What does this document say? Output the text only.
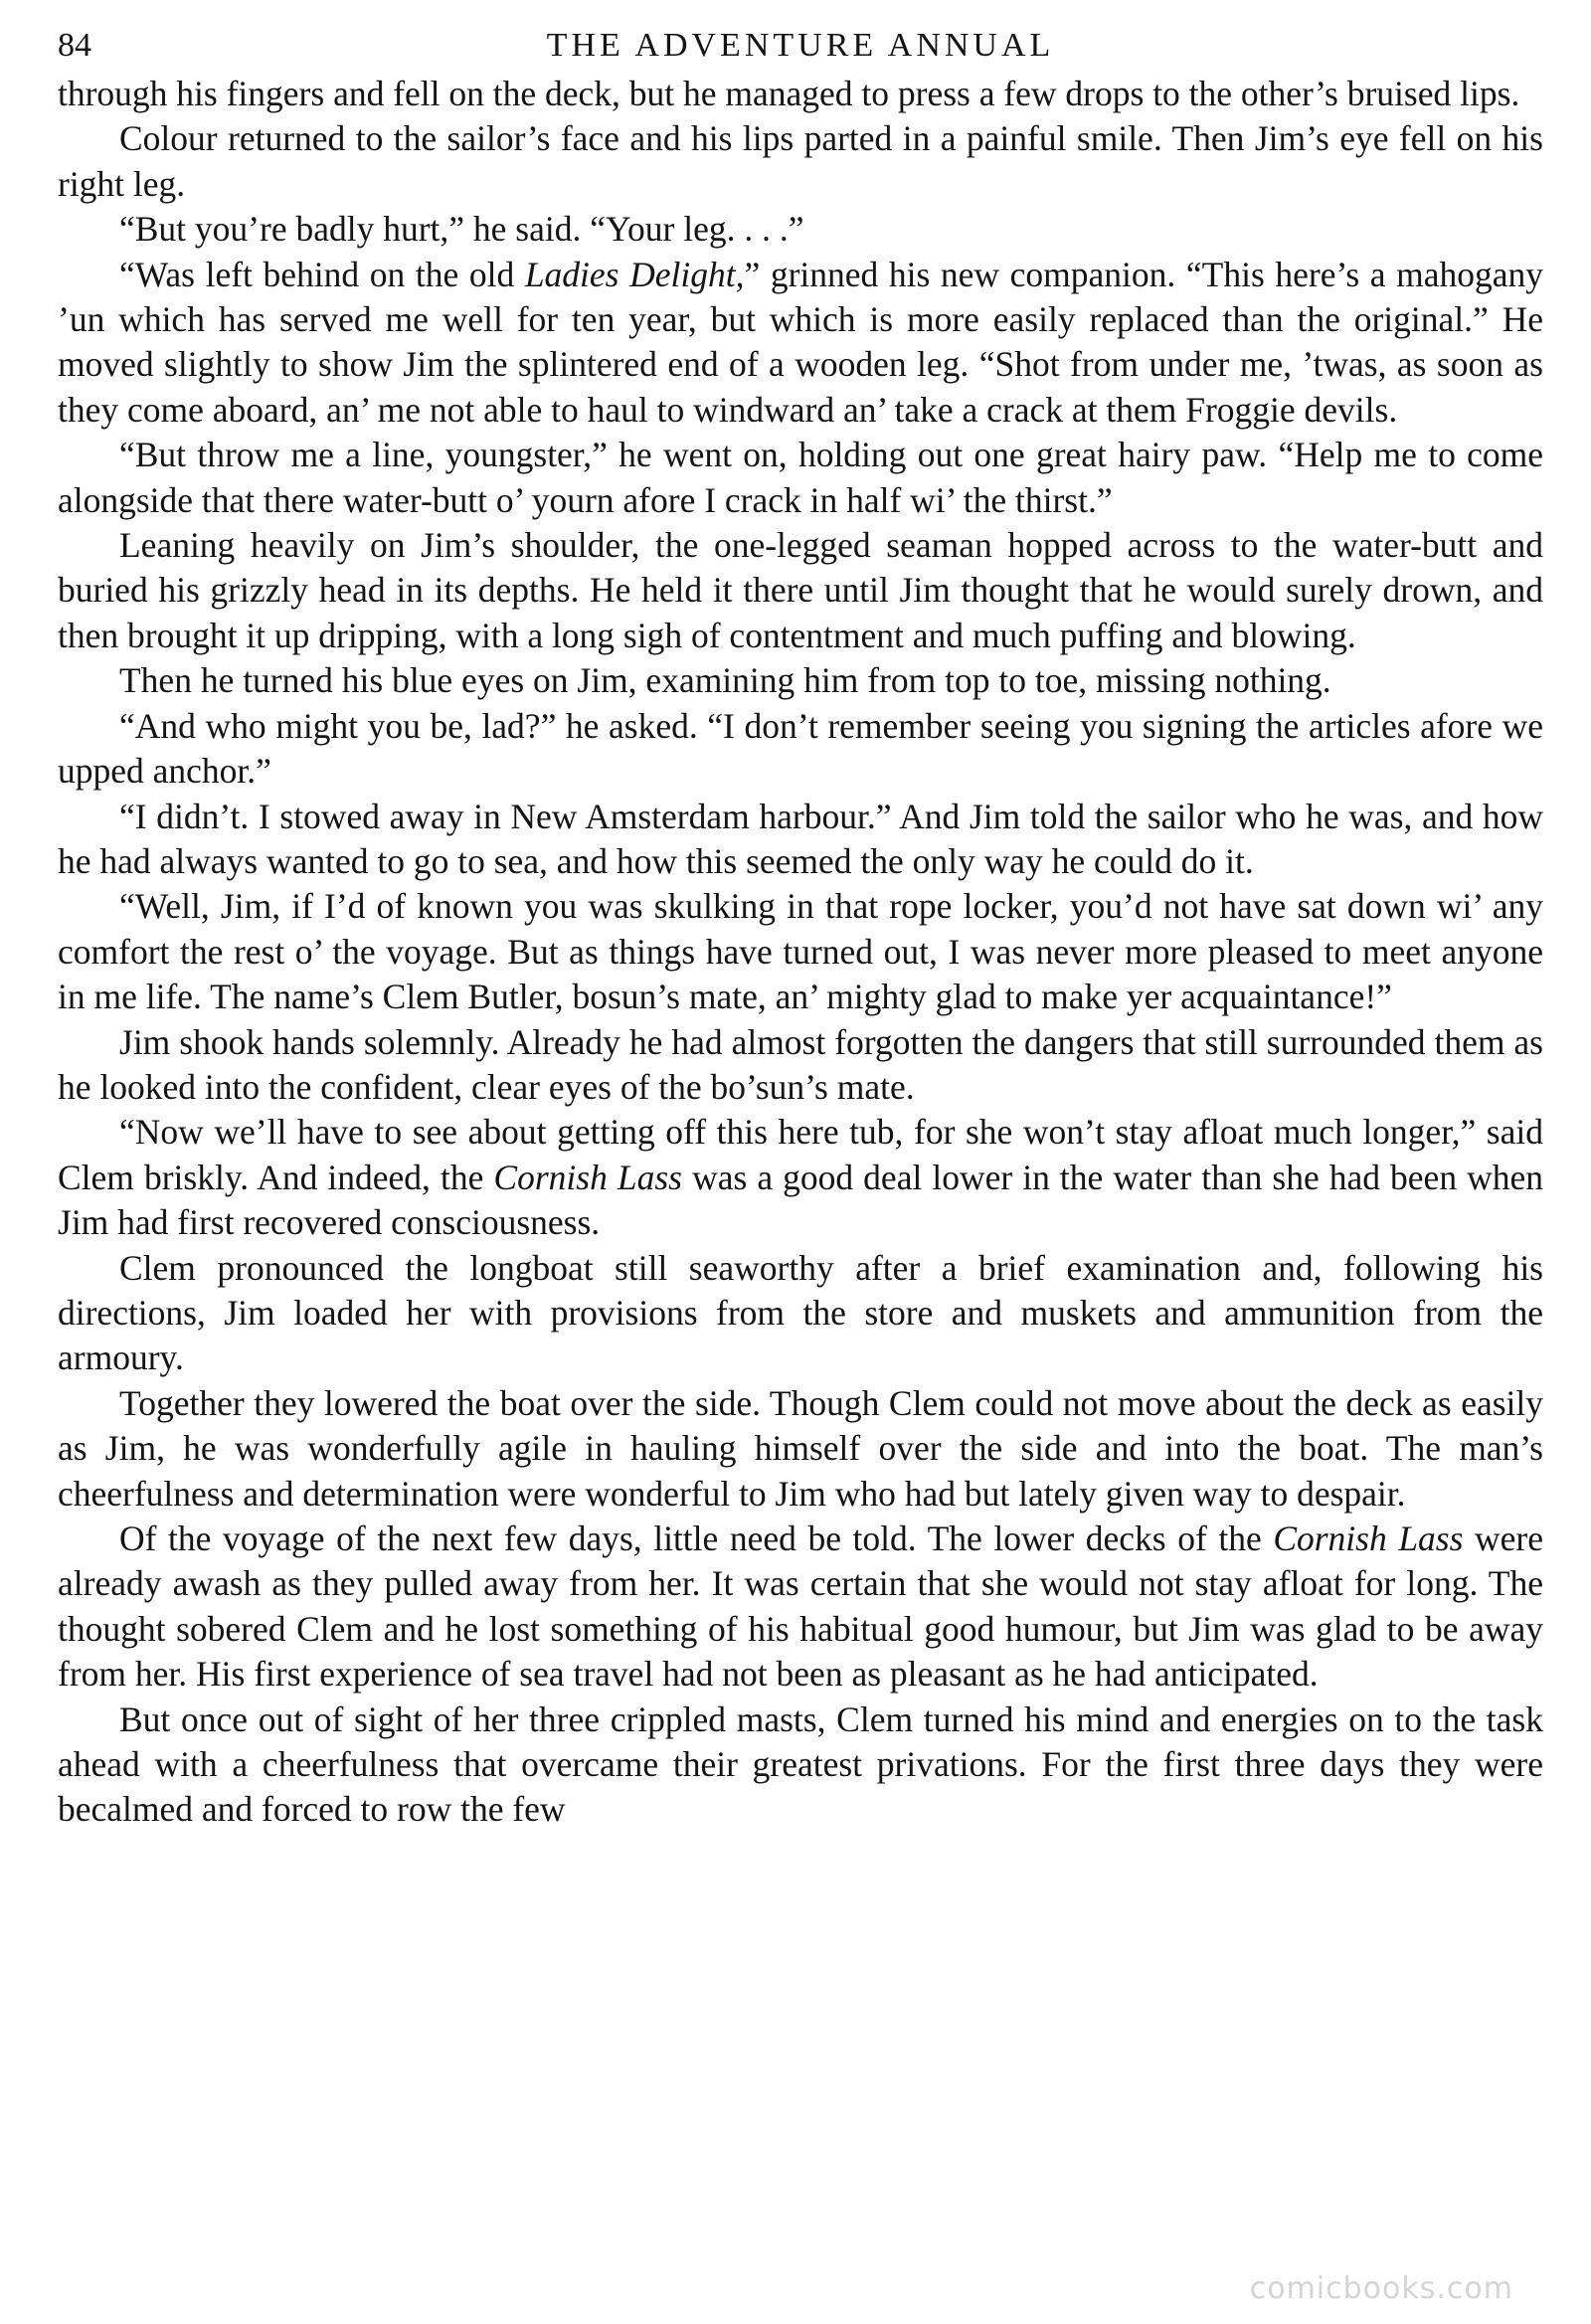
84	THE ADVENTURE ANNUAL

through his fingers and fell on the deck, but he managed to press a few drops to the other’s bruised lips.

Colour returned to the sailor’s face and his lips parted in a painful smile. Then Jim’s eye fell on his right leg.

“But you’re badly hurt,” he said. “Your leg. . . .”

“Was left behind on the old Ladies Delight,” grinned his new companion. “This here’s a mahogany ’un which has served me well for ten year, but which is more easily replaced than the original.” He moved slightly to show Jim the splintered end of a wooden leg. “Shot from under me, ’twas, as soon as they come aboard, an’ me not able to haul to windward an’ take a crack at them Froggie devils.

“But throw me a line, youngster,” he went on, holding out one great hairy paw. “Help me to come alongside that there water-butt o’ yourn afore I crack in half wi’ the thirst.”

Leaning heavily on Jim’s shoulder, the one-legged seaman hopped across to the water-butt and buried his grizzly head in its depths. He held it there until Jim thought that he would surely drown, and then brought it up dripping, with a long sigh of contentment and much puffing and blowing.

Then he turned his blue eyes on Jim, examining him from top to toe, missing nothing.

“And who might you be, lad?” he asked. “I don’t remember seeing you signing the articles afore we upped anchor.”

“I didn’t. I stowed away in New Amsterdam harbour.” And Jim told the sailor who he was, and how he had always wanted to go to sea, and how this seemed the only way he could do it.

“Well, Jim, if I’d of known you was skulking in that rope locker, you’d not have sat down wi’ any comfort the rest o’ the voyage. But as things have turned out, I was never more pleased to meet anyone in me life. The name’s Clem Butler, bosun’s mate, an’ mighty glad to make yer acquaintance!”

Jim shook hands solemnly. Already he had almost forgotten the dangers that still surrounded them as he looked into the confident, clear eyes of the bo’sun’s mate.

“Now we’ll have to see about getting off this here tub, for she won’t stay afloat much longer,” said Clem briskly. And indeed, the Cornish Lass was a good deal lower in the water than she had been when Jim had first recovered consciousness.

Clem pronounced the longboat still seaworthy after a brief examination and, following his directions, Jim loaded her with provisions from the store and muskets and ammunition from the armoury.

Together they lowered the boat over the side. Though Clem could not move about the deck as easily as Jim, he was wonderfully agile in hauling himself over the side and into the boat. The man’s cheerfulness and determination were wonderful to Jim who had but lately given way to despair.

Of the voyage of the next few days, little need be told. The lower decks of the Cornish Lass were already awash as they pulled away from her. It was certain that she would not stay afloat for long. The thought sobered Clem and he lost something of his habitual good humour, but Jim was glad to be away from her. His first experience of sea travel had not been as pleasant as he had anticipated.

But once out of sight of her three crippled masts, Clem turned his mind and energies on to the task ahead with a cheerfulness that overcame their greatest privations. For the first three days they were becalmed and forced to row the few

comicbooks.com
